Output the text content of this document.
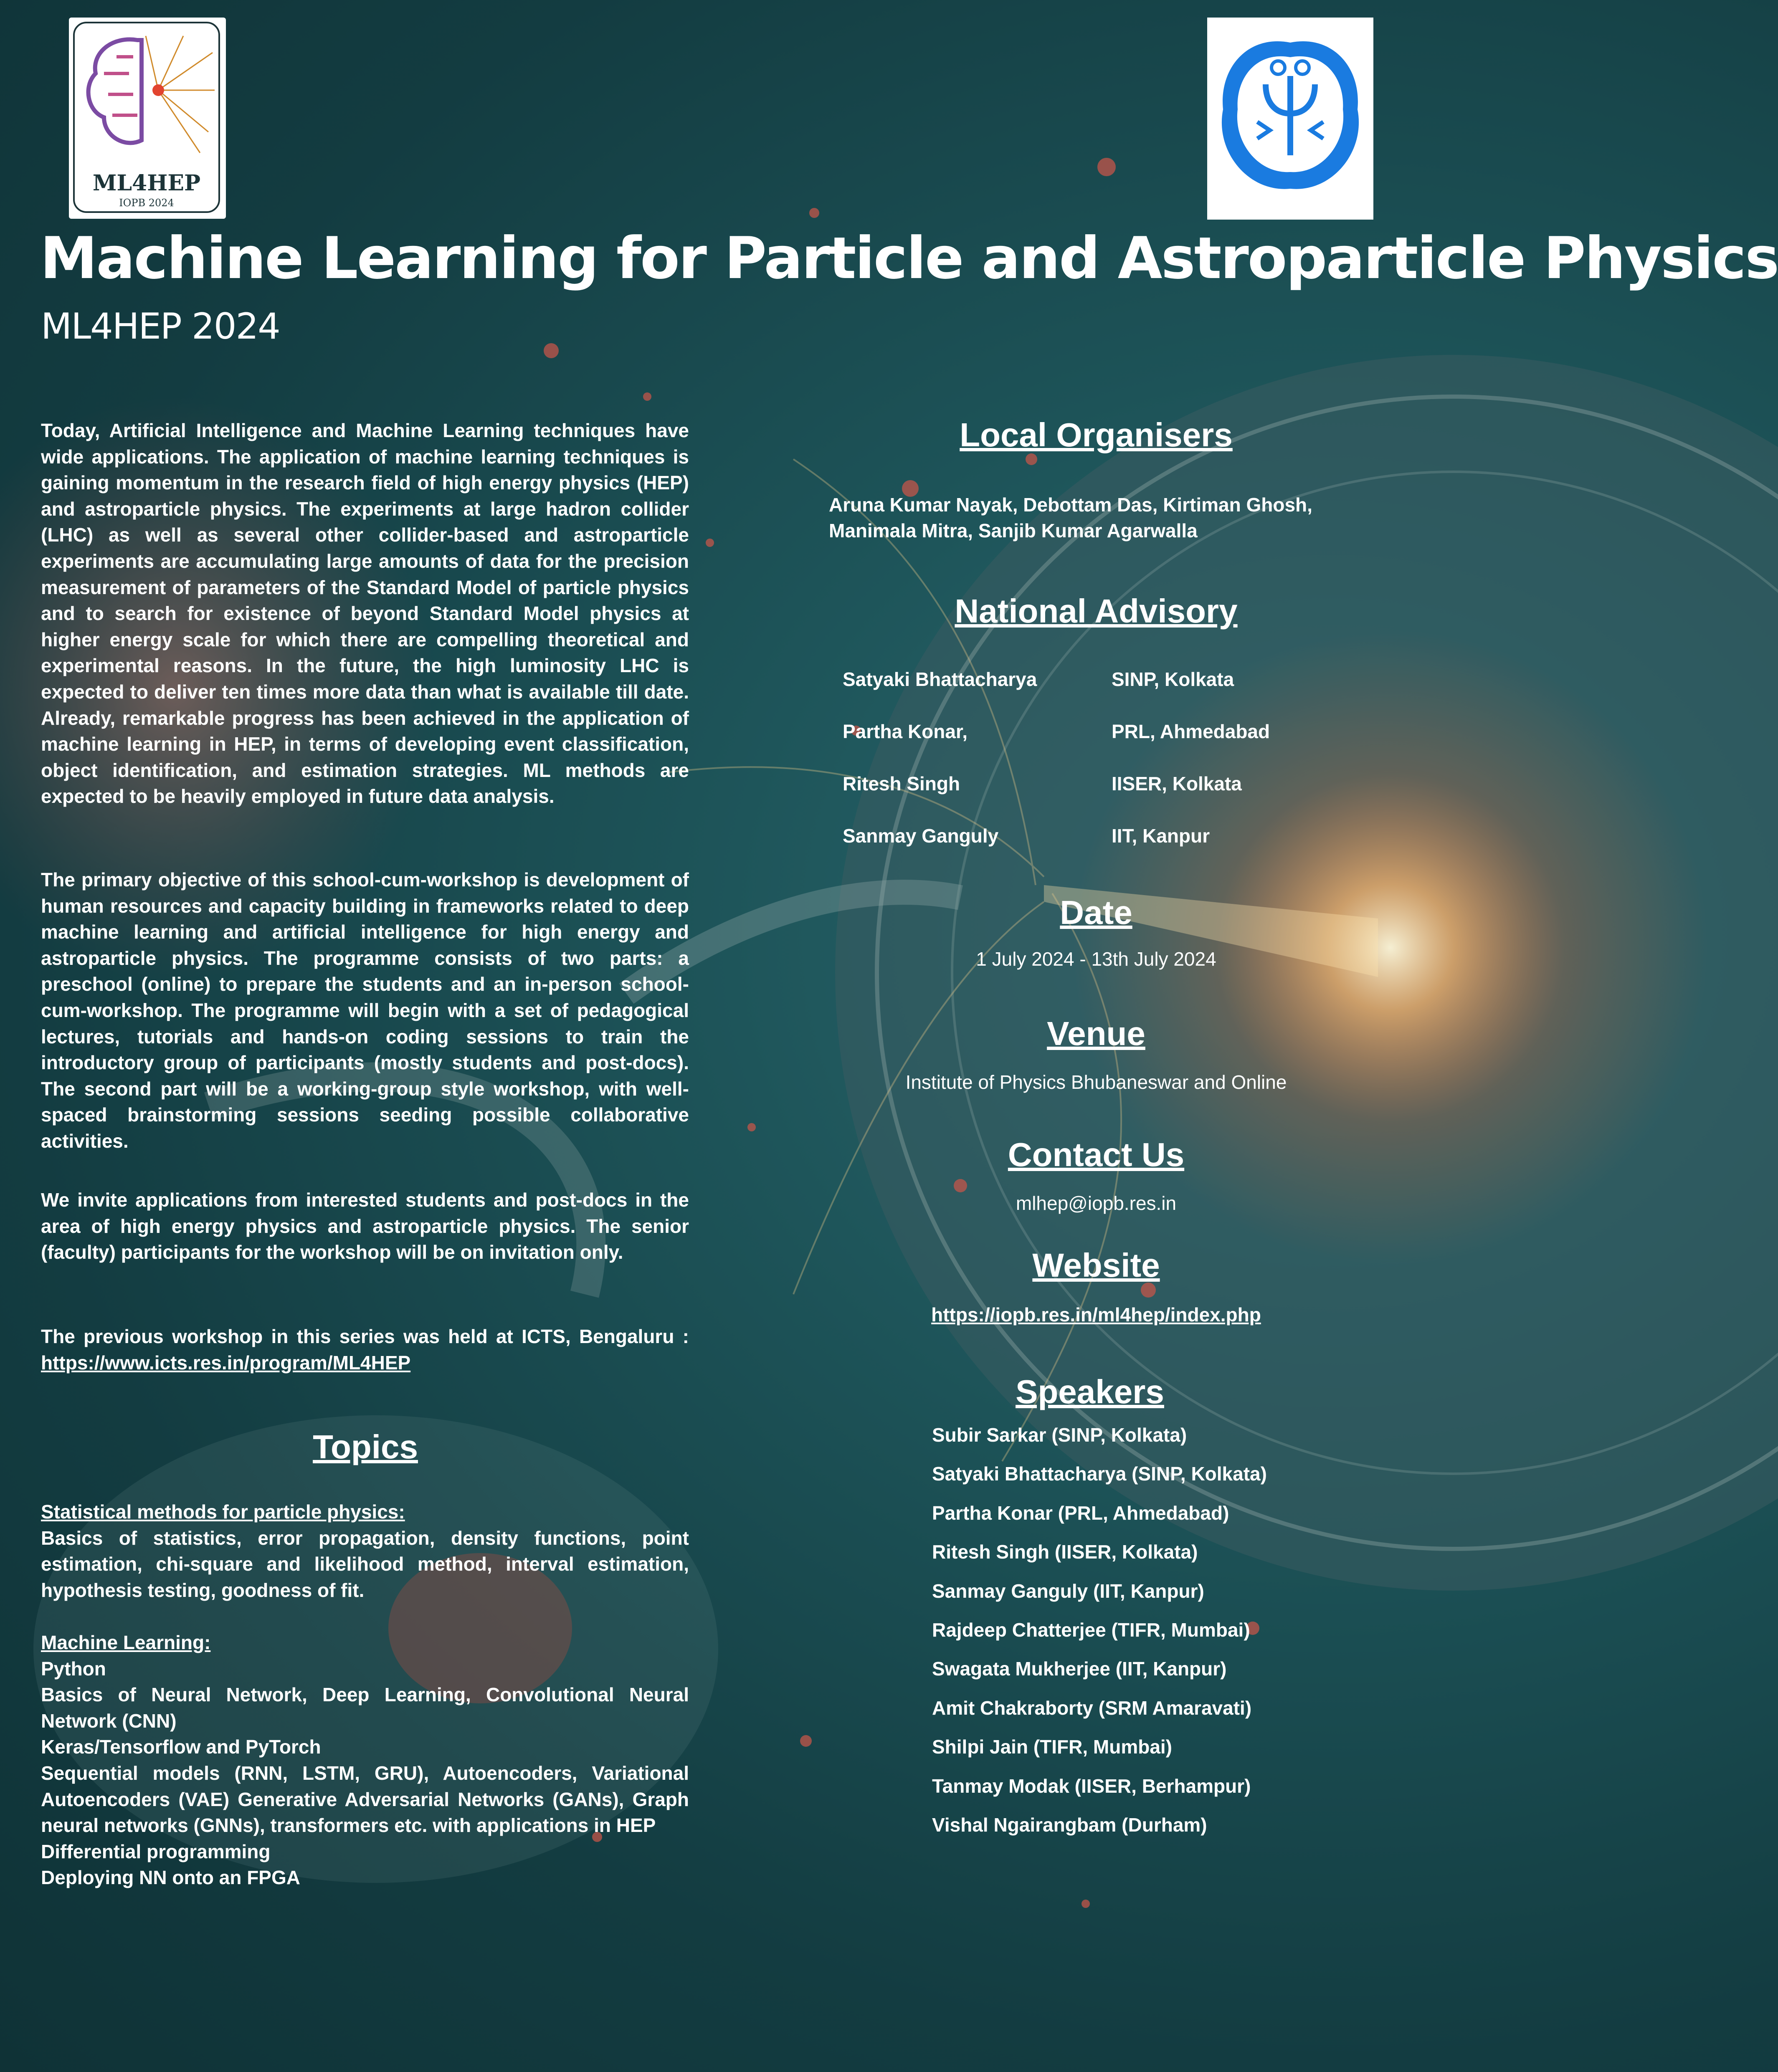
ML4HEP
IOPB 2024
Machine Learning for Particle and Astroparticle Physics
ML4HEP 2024

Today, Artificial Intelligence and Machine Learning techniques have wide applications. The application of machine learning techniques is gaining momentum in the research field of high energy physics (HEP) and astroparticle physics. The experiments at large hadron collider (LHC) as well as several other collider-based and astroparticle experiments are accumulating large amounts of data for the precision measurement of parameters of the Standard Model of particle physics and to search for existence of beyond Standard Model physics at higher energy scale for which there are compelling theoretical and experimental reasons. In the future, the high luminosity LHC is expected to deliver ten times more data than what is available till date. Already, remarkable progress has been achieved in the application of machine learning in HEP, in terms of developing event classification, object identification, and estimation strategies. ML methods are expected to be heavily employed in future data analysis.

The primary objective of this school-cum-workshop is development of human resources and capacity building in frameworks related to deep machine learning and artificial intelligence for high energy and astroparticle physics. The programme consists of two parts: a preschool (online) to prepare the students and an in-person school-cum-workshop. The programme will begin with a set of pedagogical lectures, tutorials and hands-on coding sessions to train the introductory group of participants (mostly students and post-docs). The second part will be a working-group style workshop, with well-spaced brainstorming sessions seeding possible collaborative activities.

We invite applications from interested students and post-docs in the area of high energy physics and astroparticle physics. The senior (faculty) participants for the workshop will be on invitation only.

The previous workshop in this series was held at ICTS, Bengaluru : https://www.icts.res.in/program/ML4HEP

Topics
Statistical methods for particle physics:
Basics of statistics, error propagation, density functions, point estimation, chi-square and likelihood method, interval estimation, hypothesis testing, goodness of fit.
Machine Learning:
Python
Basics of Neural Network, Deep Learning, Convolutional Neural Network (CNN)
Keras/Tensorflow and PyTorch
Sequential models (RNN, LSTM, GRU), Autoencoders, Variational Autoencoders (VAE) Generative Adversarial Networks (GANs), Graph neural networks (GNNs), transformers etc. with applications in HEP
Differential programming
Deploying NN onto an FPGA
Local Organisers
Aruna Kumar Nayak, Debottam Das, Kirtiman Ghosh,
Manimala Mitra, Sanjib Kumar Agarwalla
National Advisory
Satyaki Bhattacharya	SINP, Kolkata
Partha Konar,	PRL, Ahmedabad
Ritesh Singh	IISER, Kolkata
Sanmay Ganguly	IIT, Kanpur
Date
1 July 2024 - 13th July 2024
Venue
Institute of Physics Bhubaneswar and Online
Contact Us
mlhep@iopb.res.in
Website
https://iopb.res.in/ml4hep/index.php
Speakers
Subir Sarkar (SINP, Kolkata)
Satyaki Bhattacharya (SINP, Kolkata)
Partha Konar (PRL, Ahmedabad)
Ritesh Singh (IISER, Kolkata)
Sanmay Ganguly (IIT, Kanpur)
Rajdeep Chatterjee (TIFR, Mumbai)
Swagata Mukherjee (IIT, Kanpur)
Amit Chakraborty (SRM Amaravati)
Shilpi Jain (TIFR, Mumbai)
Tanmay Modak (IISER, Berhampur)
Vishal Ngairangbam (Durham)
